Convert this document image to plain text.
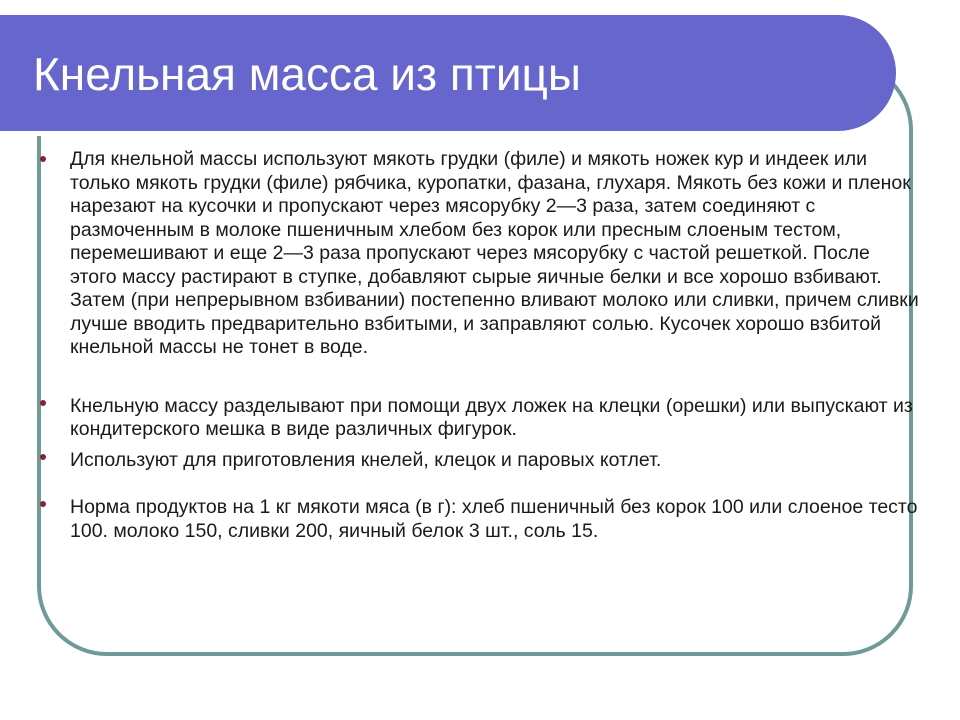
Кнельная масса из птицы
Для кнельной массы используют мякоть грудки (филе) и мякоть ножек кур и индеек или только мякоть грудки (филе) рябчика, куропатки, фазана, глухаря. Мякоть без кожи и пленок нарезают на кусочки и пропускают через мясорубку 2—3 раза, затем соединяют с размоченным в молоке пшеничным хлебом без корок или пресным слоеным тестом, перемешивают и еще 2—3 раза пропускают через мясорубку с частой решеткой. После этого массу растирают в ступке, добавляют сырые яичные белки и все хорошо взбивают. Затем (при непрерывном взбивании) постепенно вливают молоко или сливки, причем сливки лучше вводить предварительно взбитыми, и заправляют солью. Кусочек хорошо взбитой кнельной массы не тонет в воде.
Кнельную массу разделывают при помощи двух ложек на клецки (орешки) или выпускают из кондитерского мешка в виде различных фигурок.
Используют для приготовления кнелей, клецок и паровых котлет.
Норма продуктов на 1 кг мякоти мяса (в г): хлеб пшеничный без корок 100 или слоеное тесто 100. молоко 150, сливки 200, яичный белок 3 шт., соль 15.
